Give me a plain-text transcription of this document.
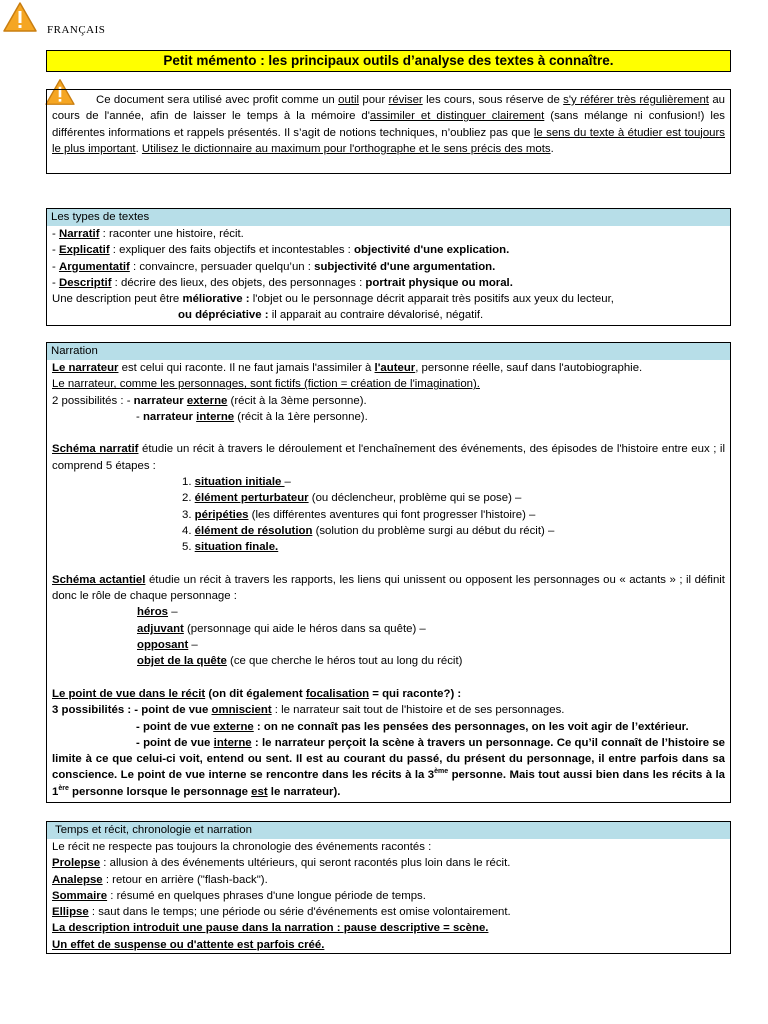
FRANÇAIS
Petit mémento : les principaux outils d’analyse des textes à connaître.

Ce document sera utilisé avec profit comme un outil pour réviser les cours, sous réserve de s'y référer très régulièrement au cours de l'année, afin de laisser le temps à la mémoire d'assimiler et distinguer clairement (sans mélange ni confusion!) les différentes informations et rappels présentés. Il s’agit de notions techniques, n’oubliez pas que le sens du texte à étudier est toujours le plus important. Utilisez le dictionnaire au maximum pour l'orthographe et le sens précis des mots.

Les types de textes

- Narratif : raconter une histoire, récit.

- Explicatif : expliquer des faits objectifs et incontestables : objectivité d'une explication.

- Argumentatif : convaincre, persuader quelqu’un : subjectivité d'une argumentation.

- Descriptif : décrire des lieux, des objets, des personnages : portrait physique ou moral.

Une description peut être méliorative : l'objet ou le personnage décrit apparait très positifs aux yeux du lecteur,

ou dépréciative : il apparait au contraire dévalorisé, négatif.

Narration

Le narrateur est celui qui raconte. Il ne faut jamais l'assimiler à l'auteur, personne réelle, sauf dans l'autobiographie.

Le narrateur, comme les personnages, sont fictifs (fiction = création de l'imagination).

2 possibilités : - narrateur externe (récit à la 3ème personne).

- narrateur interne (récit à la 1ère personne).

Schéma narratif étudie un récit à travers le déroulement et l'enchaînement des événements, des épisodes de l'histoire entre eux ; il comprend 5 étapes :

1. situation initiale –

2. élément perturbateur (ou déclencheur, problème qui se pose) –

3. péripéties (les différentes aventures qui font progresser l'histoire) –

4. élément de résolution (solution du problème surgi au début du récit) –

5. situation finale.

Schéma actantiel étudie un récit à travers les rapports, les liens qui unissent ou opposent les personnages ou « actants » ; il définit donc le rôle de chaque personnage :

héros –

adjuvant (personnage qui aide le héros dans sa quête) –

opposant –

objet de la quête (ce que cherche le héros tout au long du récit)

Le point de vue dans le récit (on dit également focalisation = qui raconte?) :

3 possibilités : - point de vue omniscient : le narrateur sait tout de l'histoire et de ses personnages.

- point de vue externe : on ne connaît pas les pensées des personnages, on les voit agir de l’extérieur.

- point de vue interne : le narrateur perçoit la scène à travers un personnage. Ce qu’il connaît de l’histoire se limite à ce que celui-ci voit, entend ou sent. Il est au courant du passé, du présent du personnage, il entre parfois dans sa conscience. Le point de vue interne se rencontre dans les récits à la 3ème personne. Mais tout aussi bien dans les récits à la 1ère personne lorsque le personnage est le narrateur).

Temps et récit, chronologie et narration

Le récit ne respecte pas toujours la chronologie des événements racontés :

Prolepse : allusion à des événements ultérieurs, qui seront racontés plus loin dans le récit.

Analepse : retour en arrière ("flash-back").

Sommaire : résumé en quelques phrases d'une longue période de temps.

Ellipse : saut dans le temps; une période ou série d'événements est omise volontairement.

La description introduit une pause dans la narration : pause descriptive = scène.

Un effet de suspense ou d'attente est parfois créé.
